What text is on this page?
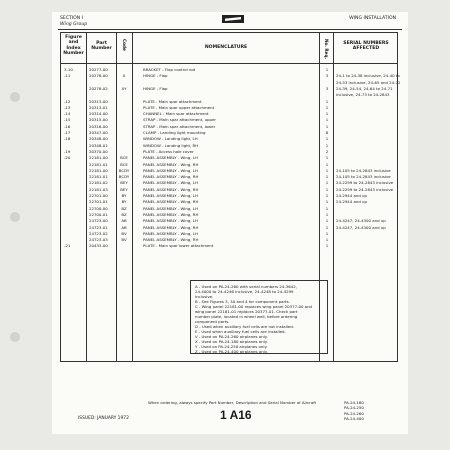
SECTION I
Wing Group
WING INSTALLATION
Figure and Index Number
Part Number	Code	NOMENCLATURE	No. Req.	SERIAL NUMBERS AFFECTED
3-10	20277-00	BRACKET - Flap control rod	1
-11	20278-00	X	HINGE - Flap	3	24-1 to 24-38 inclusive, 24-40 to
24-53 inclusive, 24-65 and 24-72
20278-02	XY	HINGE - Flap	3	24-39, 24-54, 24-64 to 24-71
inclusive, 24-73 to 24-2843
-12	20313-00	PLATE - Main spar attachment	1
-13	20313-01	PLATE - Main spar upper attachment	1
-14	20314-00	CHANNEL - Main spar attachment	1
-15	20315-00	STRAP - Main spar attachment, upper	1
-16	20316-00	STRAP - Main spar attachment, lower	1
-17	20347-00	CLAMP - Landing light mounting	8
-18	20348-00	WINDOW - Landing light, LH	1
20348-01	WINDOW - Landing light, RH	1
-19	20370-00	PLATE - Access hole cover	2
-20	22181-00	BCE	PANEL ASSEMBLY - Wing, LH	1
22181-01	BCE	PANEL ASSEMBLY - Wing, RH	1
22181-00	BCDY	PANEL ASSEMBLY - Wing, LH	1	24-105 to 24-2843 inclusive
22181-01	BCDY	PANEL ASSEMBLY - Wing, RH	1	24-105 to 24-2843 inclusive
22181-02	BEY	PANEL ASSEMBLY - Wing, LH	1	24-2299 to 24-2843 inclusive
22181-03	BEY	PANEL ASSEMBLY - Wing, RH	1	24-2299 to 24-2843 inclusive
22701-00	BY	PANEL ASSEMBLY - Wing, LH	1	24-2944 and up
22701-01	BY	PANEL ASSEMBLY - Wing, RH	1	24-2944 and up
22700-00	BZ	PANEL ASSEMBLY - Wing, LH	1
22700-01	BZ	PANEL ASSEMBLY - Wing, RH	1
24723-00	AB	PANEL ASSEMBLY - Wing, LH	1	24-4247, 24-4300 and up
24723-01	AB	PANEL ASSEMBLY - Wing, RH	1	24-4247, 24-4300 and up
24723-02	BV	PANEL ASSEMBLY - Wing, LH	1
24723-03	BV	PANEL ASSEMBLY - Wing, RH	1
-21	20433-00	PLATE - Main spar lower attachment	1
A - Used on PA-24-260 with serial numbers 24-3642,
24-4000 to 24-4246 inclusive, 24-4248 to 24-4299
inclusive.
B - See Figures 3, 3A and 4 for component parts.
C - Wing panel 22181-00 replaces wing panel 20377-00 and
wing panel 22181-01 replaces 20377-01. Check part
number plate, located in wheel well, before ordering
component parts.
D - Used when auxiliary fuel cells are not installed.
E - Used when auxiliary fuel cells are installed.
V - Used on PA-24-260 airplanes only.
X - Used on PA-24-180 airplanes only.
Y - Used on PA-24-250 airplanes only.
Z - Used on PA-24-400 airplanes only.
When ordering, always specify Part Number, Description and Serial Number of Aircraft
ISSUED: JANUARY 1972	1 A16
PA-24-180
PA-24-250
PA-24-260
PA-24-400
